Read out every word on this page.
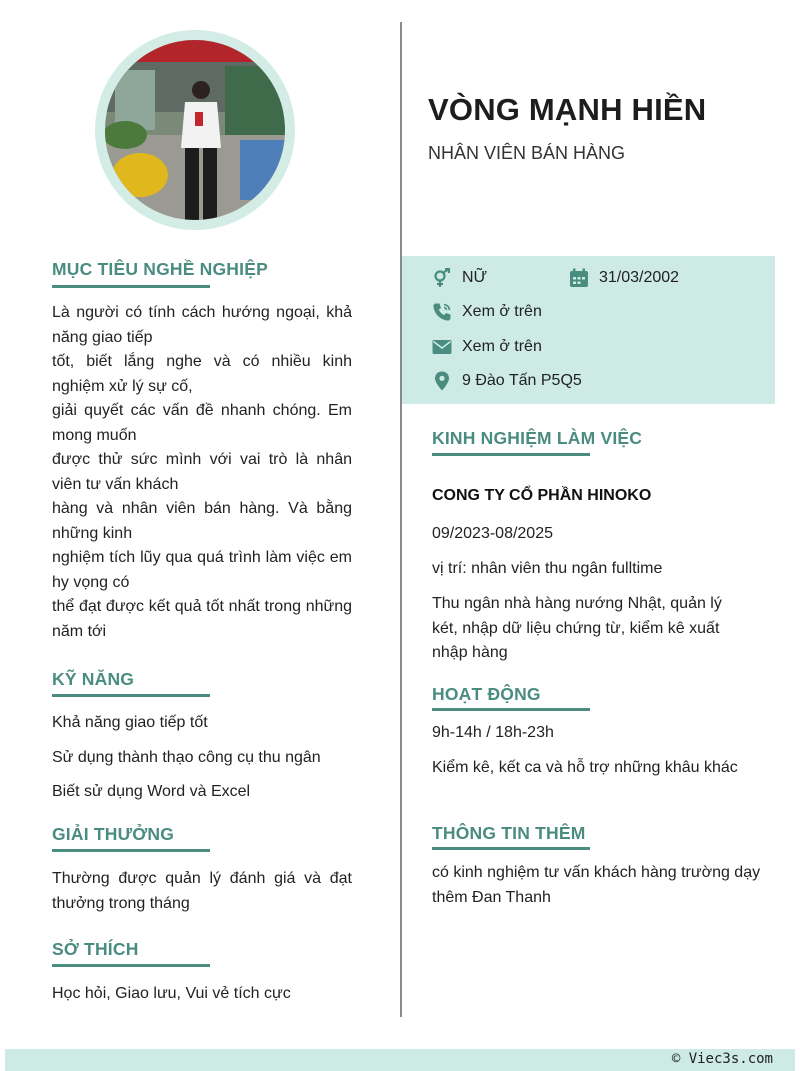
VÒNG MẠNH HIỀN
NHÂN VIÊN BÁN HÀNG
NỮ	31/03/2002
Xem ở trên
Xem ở trên
9 Đào Tấn P5Q5
MỤC TIÊU NGHỀ NGHIỆP
Là người có tính cách hướng ngoại, khả năng giao tiếp
tốt, biết lắng nghe và có nhiều kinh nghiệm xử lý sự cố,
giải quyết các vấn đề nhanh chóng. Em mong muốn
được thử sức mình với vai trò là nhân viên tư vấn khách
hàng và nhân viên bán hàng. Và bằng những kinh
nghiệm tích lũy qua quá trình làm việc em hy vọng có
thể đạt được kết quả tốt nhất trong những năm tới
KỸ NĂNG
Khả năng giao tiếp tốt
Sử dụng thành thạo công cụ thu ngân
Biết sử dụng Word và Excel
GIẢI THƯỞNG
Thường được quản lý đánh giá và đạt thưởng trong tháng
SỞ THÍCH
Học hỏi, Giao lưu, Vui vẻ tích cực
KINH NGHIỆM LÀM VIỆC
CONG TY CỔ PHẦN HINOKO
09/2023-08/2025
vị trí: nhân viên thu ngân fulltime
Thu ngân nhà hàng nướng Nhật, quản lý két, nhập dữ liệu chứng từ, kiểm kê xuất nhập hàng
HOẠT ĐỘNG
9h-14h / 18h-23h
Kiểm kê, kết ca và hỗ trợ những khâu khác
THÔNG TIN THÊM
có kinh nghiệm tư vấn khách hàng trường dạy thêm Đan Thanh
© Viec3s.com
